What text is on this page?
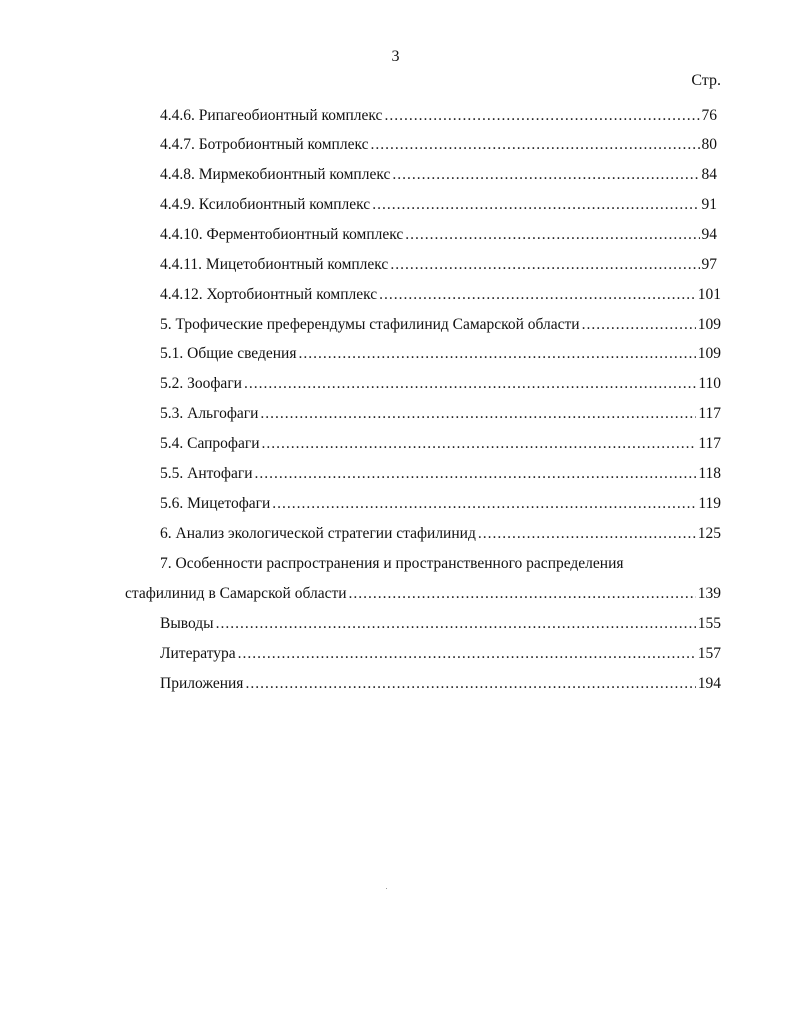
3
Стр.
4.4.6. Рипагеобионтный комплекс .....	76
4.4.7. Ботробионтный комплекс .....	80
4.4.8. Мирмекобионтный комплекс .....	84
4.4.9. Ксилобионтный комплекс .....	91
4.4.10. Ферментобионтный комплекс .....	94
4.4.11. Мицетобионтный комплекс .....	97
4.4.12. Хортобионтный комплекс .....	101
5. Трофические преферендумы стафилинид Самарской области .....	109
5.1. Общие сведения .....	109
5.2. Зоофаги .....	110
5.3. Альгофаги .....	117
5.4. Сапрофаги .....	117
5.5. Антофаги .....	118
5.6. Мицетофаги .....	119
6. Анализ экологической стратегии стафилинид .....	125
7. Особенности распространения и пространственного распределения
стафилинид в Самарской области .....	139
Выводы .....	155
Литература .....	157
Приложения .....	194
